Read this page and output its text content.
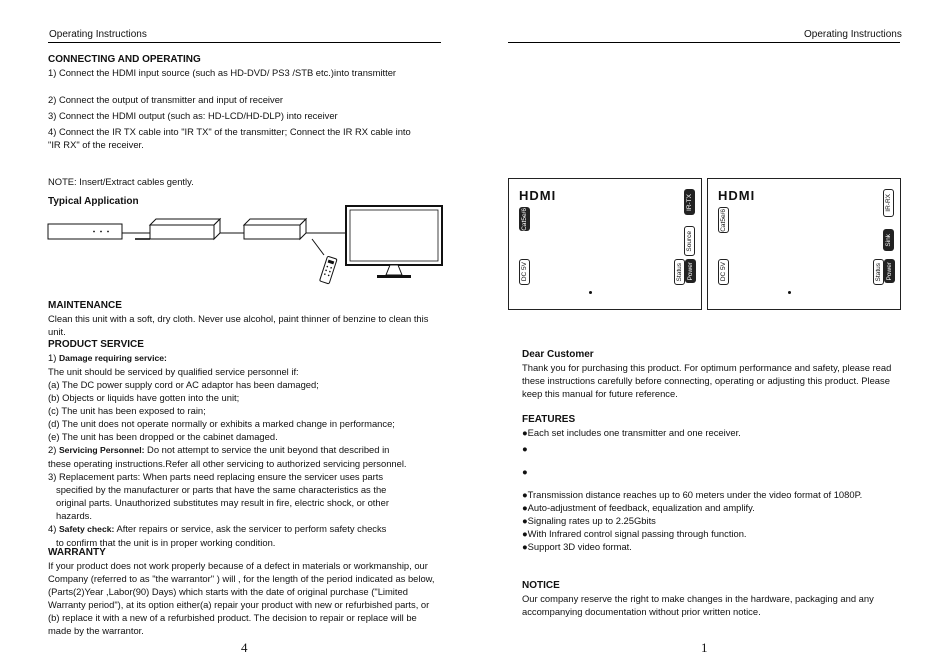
Operating Instructions
CONNECTING AND OPERATING
1) Connect the HDMI input source (such as HD-DVD/ PS3 /STB etc.)into transmitter
2) Connect the output of transmitter and input of receiver
3) Connect the HDMI output (such as: HD-LCD/HD-DLP) into receiver
4) Connect the IR TX cable into "IR TX" of the transmitter; Connect the IR RX cable into
"IR RX" of the receiver.
NOTE: Insert/Extract cables gently.
Typical Application
MAINTENANCE
Clean this unit with a soft, dry cloth. Never use alcohol, paint thinner of benzine to clean this
unit.
PRODUCT SERVICE
1) Damage requiring service:
The unit should be serviced by qualified service personnel if:
(a) The DC power supply cord or AC adaptor has been damaged;
(b) Objects or liquids have gotten into the unit;
(c) The unit has been exposed to rain;
(d) The unit does not operate normally or exhibits a marked change in performance;
(e) The unit has been dropped or the cabinet damaged.
2) Servicing Personnel: Do not attempt to service the unit beyond that described in
these operating instructions.Refer all other servicing to authorized servicing personnel.
3) Replacement parts: When parts need replacing ensure the servicer uses parts
specified by the manufacturer or parts that have the same characteristics as the
original parts. Unauthorized substitutes may result in fire, electric shock, or other
hazards.
4) Safety check: After repairs or service, ask the servicer to perform safety checks
to confirm that the unit is in proper working condition.
WARRANTY
If your product does not work properly because of a defect in materials or workmanship, our
Company (referred to as "the warrantor" ) will , for the length of the period indicated as below,
(Parts(2)Year ,Labor(90) Days) which starts with the date of original purchase ("Limited
Warranty period"), at its option either(a) repair your product with new or refurbished parts, or
(b) replace it with a new of a refurbished product. The decision to repair or replace will be
made by the warrantor.
4
Operating Instructions
HDMI
Cat5e/6
DC 5V
IR-TX
Source
Status Power
HDMI
Cat5e/6
DC 5V
IR-RX
Sink
Status Power
Dear Customer
Thank you for purchasing this product. For optimum performance and safety, please read
these instructions carefully before connecting, operating or adjusting this product. Please
keep this manual for future reference.
FEATURES
●Each set includes one transmitter and one receiver.
●
●
●Transmission distance reaches up to 60 meters under the video format of 1080P.
●Auto-adjustment of feedback, equalization and amplify.
●Signaling rates up to 2.25Gbits
●With Infrared control signal passing through function.
●Support 3D video format.
NOTICE
Our company reserve the right to make changes in the hardware, packaging and any
accompanying documentation without prior written notice.
1
